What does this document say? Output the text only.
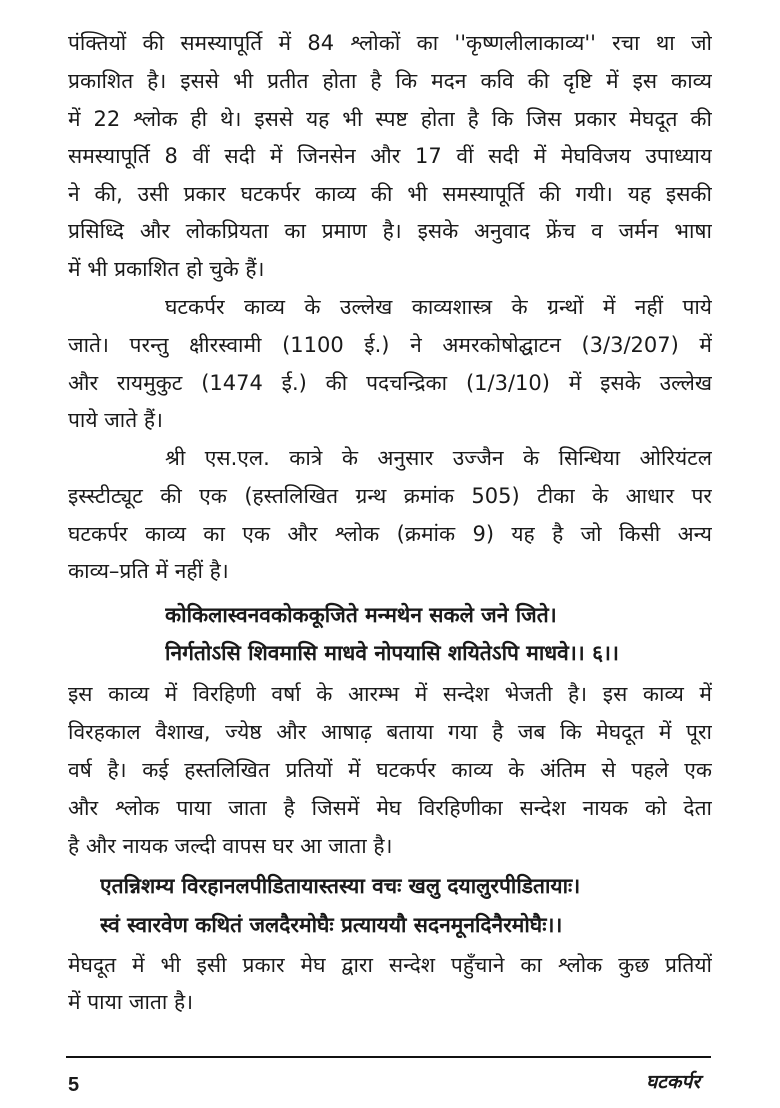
पंक्तियों की समस्यापूर्ति में 84 श्लोकों का ''कृष्णलीलाकाव्य'' रचा था जो
प्रकाशित है। इससे भी प्रतीत होता है कि मदन कवि की दृष्टि में इस काव्य
में 22 श्लोक ही थे। इससे यह भी स्पष्ट होता है कि जिस प्रकार मेघदूत की
समस्यापूर्ति 8 वीं सदी में जिनसेन और 17 वीं सदी में मेघविजय उपाध्याय
ने की, उसी प्रकार घटकर्पर काव्य की भी समस्यापूर्ति की गयी। यह इसकी
प्रसिध्दि और लोकप्रियता का प्रमाण है। इसके अनुवाद फ्रेंच व जर्मन भाषा
में भी प्रकाशित हो चुके हैं।
घटकर्पर काव्य के उल्लेख काव्यशास्त्र के ग्रन्थों में नहीं पाये
जाते। परन्तु क्षीरस्वामी (1100 ई.) ने अमरकोषोद्घाटन (3/3/207) में
और रायमुकुट (1474 ई.) की पदचन्द्रिका (1/3/10) में इसके उल्लेख
पाये जाते हैं।
श्री एस.एल. कात्रे के अनुसार उज्जैन के सिन्धिया ओरियंटल
इस्स्टीट्यूट की एक (हस्तलिखित ग्रन्थ क्रमांक 505) टीका के आधार पर
घटकर्पर काव्य का एक और श्लोक (क्रमांक 9) यह है जो किसी अन्य
काव्य–प्रति में नहीं है।
कोकिलास्वनवकोककूजिते मन्मथेन सकले जने जिते।
निर्गतोऽसि शिवमासि माधवे नोपयासि शयितेऽपि माधवे।। ६।।
इस काव्य में विरहिणी वर्षा के आरम्भ में सन्देश भेजती है। इस काव्य में
विरहकाल वैशाख, ज्येष्ठ और आषाढ़ बताया गया है जब कि मेघदूत में पूरा
वर्ष है। कई हस्तलिखित प्रतियों में घटकर्पर काव्य के अंतिम से पहले एक
और श्लोक पाया जाता है जिसमें मेघ विरहिणीका सन्देश नायक को देता
है और नायक जल्दी वापस घर आ जाता है।
एतन्निशम्य विरहानलपीडितायास्तस्या वचः खलु दयालुरपीडितायाः।
स्वं स्वारवेण कथितं जलदैरमोघैः प्रत्याययौ सदनमूनदिनैरमोघैः।।
मेघदूत में भी इसी प्रकार मेघ द्वारा सन्देश पहुँचाने का श्लोक कुछ प्रतियों
में पाया जाता है।
5	घटकर्पर
